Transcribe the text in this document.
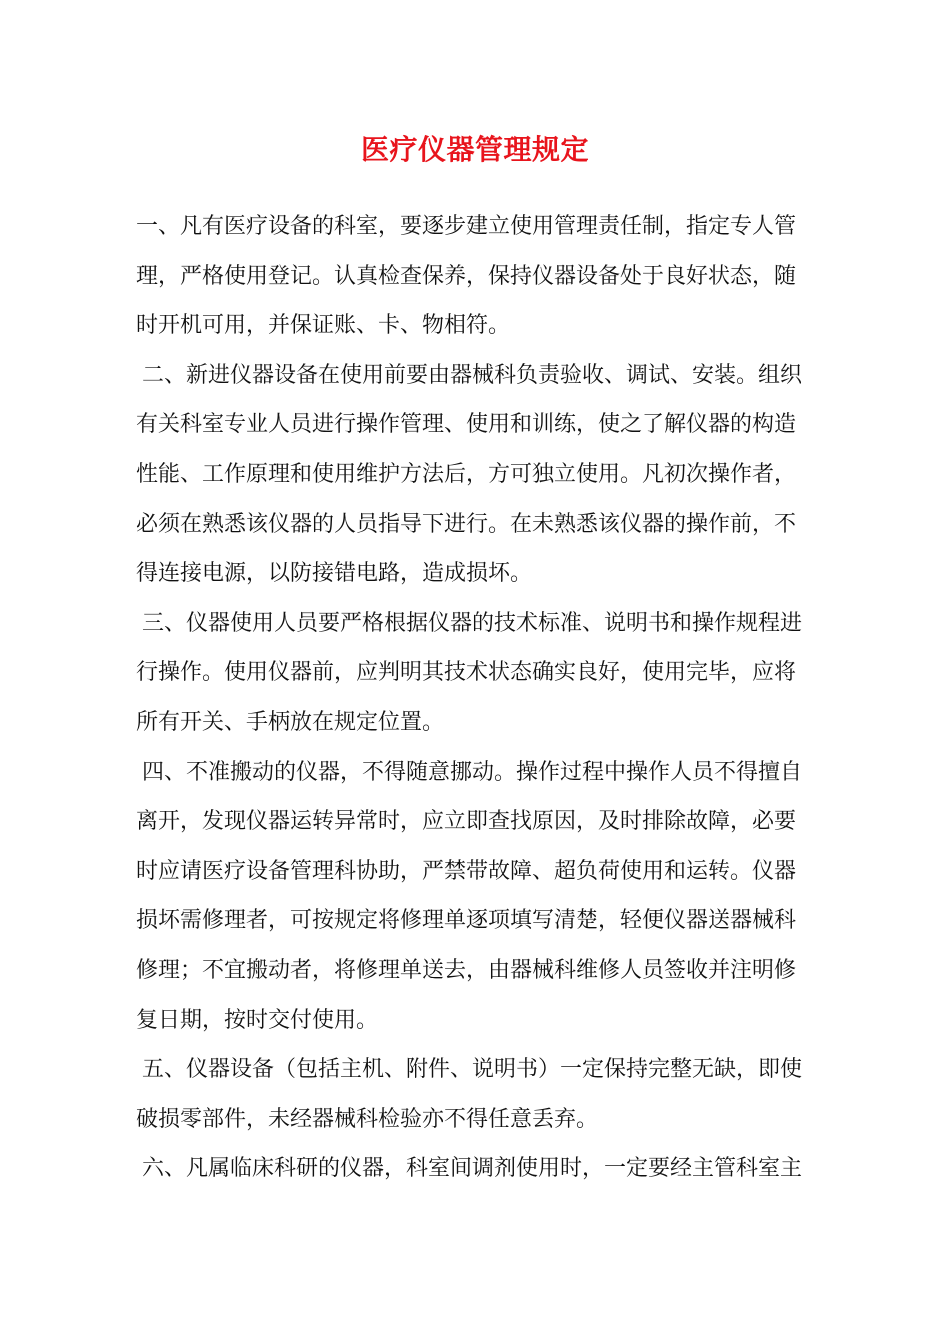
医疗仪器管理规定
一、凡有医疗设备的科室，要逐步建立使用管理责任制，指定专人管
理，严格使用登记。认真检查保养，保持仪器设备处于良好状态，随
时开机可用，并保证账、卡、物相符。
二、新进仪器设备在使用前要由器械科负责验收、调试、安装。组织
有关科室专业人员进行操作管理、使用和训练，使之了解仪器的构造
性能、工作原理和使用维护方法后，方可独立使用。凡初次操作者，
必须在熟悉该仪器的人员指导下进行。在未熟悉该仪器的操作前，不
得连接电源，以防接错电路，造成损坏。
三、仪器使用人员要严格根据仪器的技术标准、说明书和操作规程进
行操作。使用仪器前，应判明其技术状态确实良好，使用完毕，应将
所有开关、手柄放在规定位置。
四、不准搬动的仪器，不得随意挪动。操作过程中操作人员不得擅自
离开，发现仪器运转异常时，应立即查找原因，及时排除故障，必要
时应请医疗设备管理科协助，严禁带故障、超负荷使用和运转。仪器
损坏需修理者，可按规定将修理单逐项填写清楚，轻便仪器送器械科
修理；不宜搬动者，将修理单送去，由器械科维修人员签收并注明修
复日期，按时交付使用。
五、仪器设备（包括主机、附件、说明书）一定保持完整无缺，即使
破损零部件，未经器械科检验亦不得任意丢弃。
六、凡属临床科研的仪器，科室间调剂使用时，一定要经主管科室主
